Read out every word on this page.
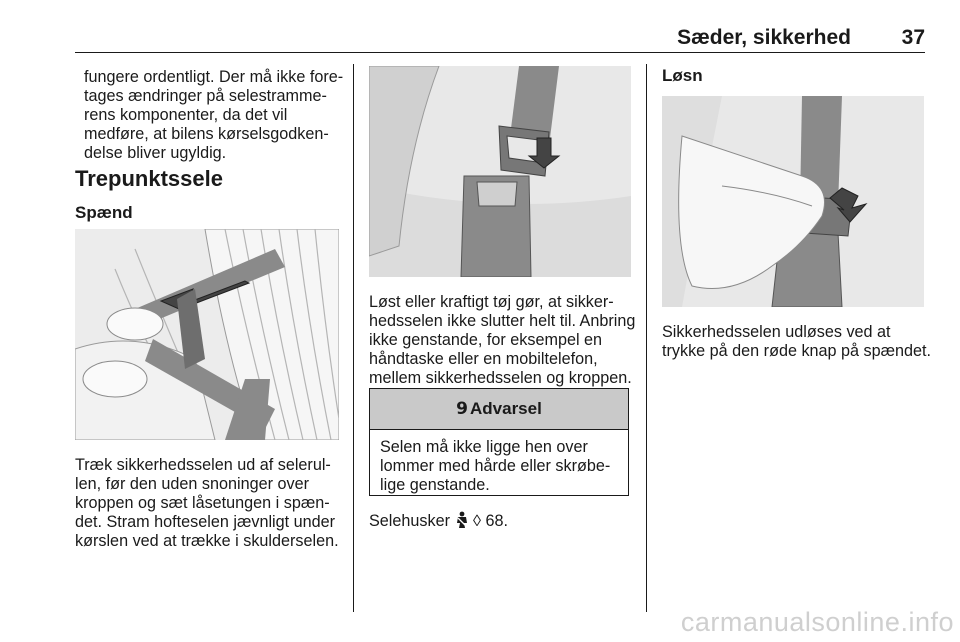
Sæder, sikkerhed 37
fungere ordentligt. Der må ikke fore-
tages ændringer på selestramme-
rens komponenter, da det vil
medføre, at bilens kørselsgodken-
delse bliver ugyldig.
Trepunktssele
Spænd
Træk sikkerhedsselen ud af selerul-
len, før den uden snoninger over
kroppen og sæt låsetungen i spæn-
det. Stram hofteselen jævnligt under
kørslen ved at trække i skulderselen.
Løst eller kraftigt tøj gør, at sikker-
hedsselen ikke slutter helt til. Anbring
ikke genstande, for eksempel en
håndtaske eller en mobiltelefon,
mellem sikkerhedsselen og kroppen.
9 Advarsel
Selen må ikke ligge hen over
lommer med hårde eller skrøbe-
lige genstande.
Selehusker ◊ 68.
Løsn
Sikkerhedsselen udløses ved at
trykke på den røde knap på spændet.
carmanualsonline.info
